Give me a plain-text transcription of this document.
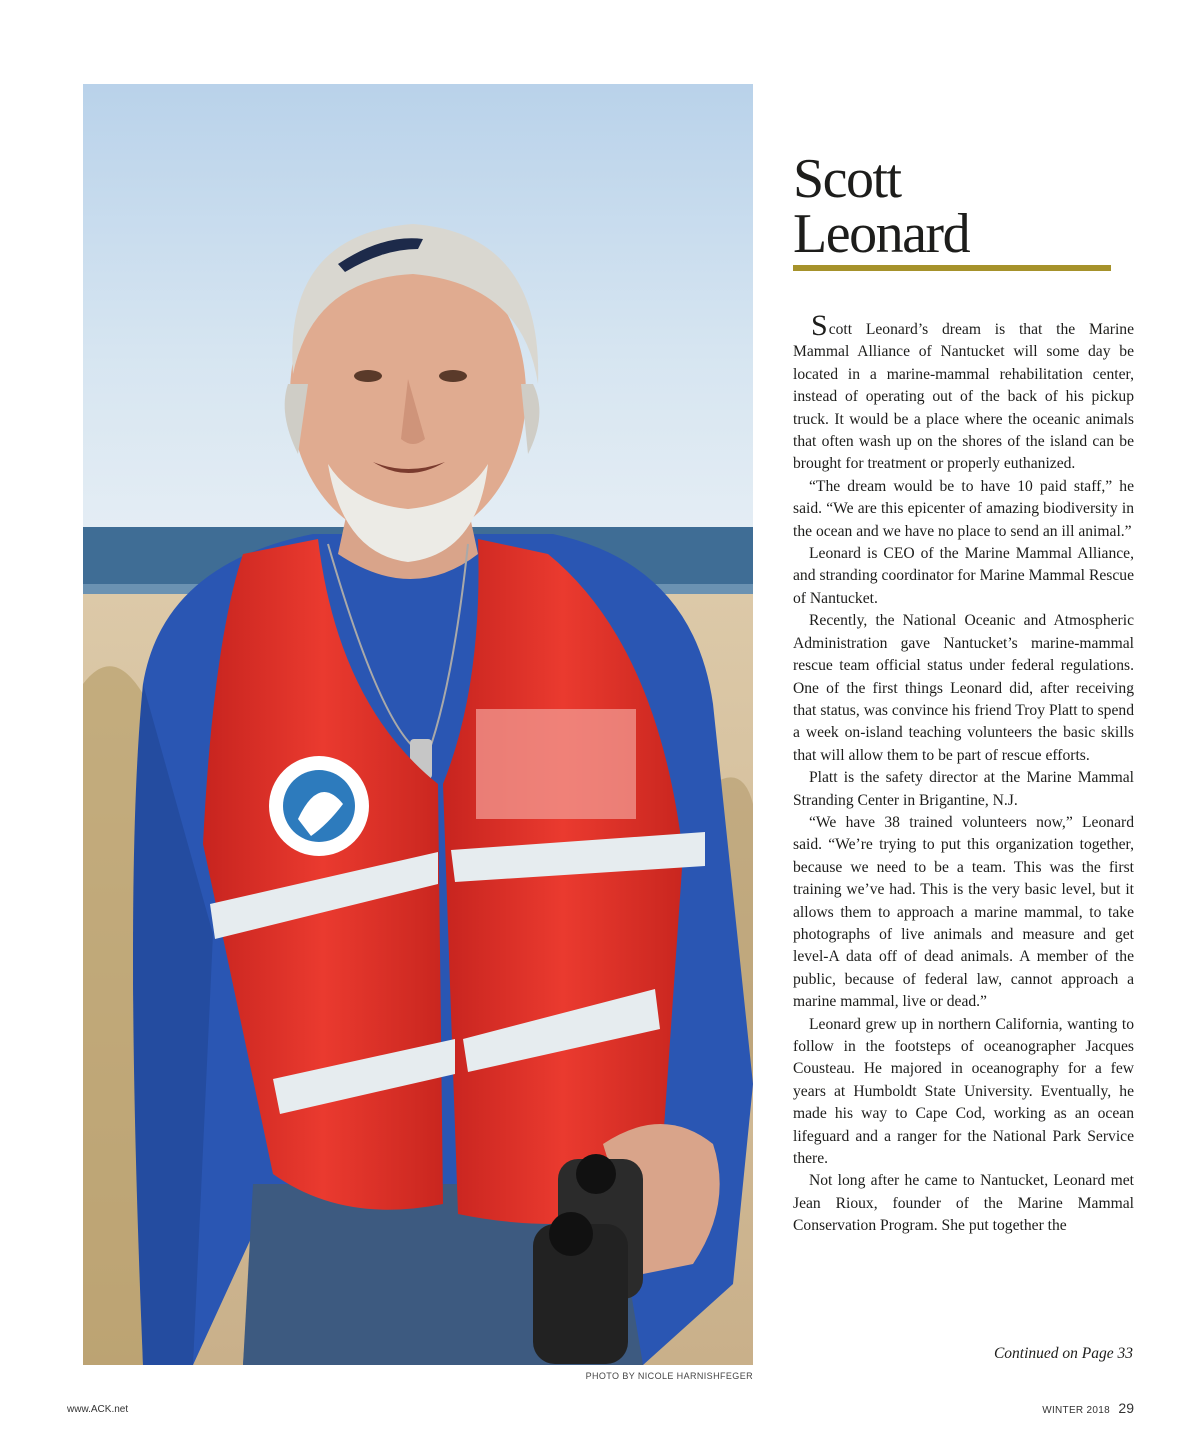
PHOTO BY NICOLE HARNISHFEGER
Scott
Leonard

Scott Leonard’s dream is that the Marine Mammal Alliance of Nantucket will some day be located in a marine-mammal rehabilitation center, instead of operating out of the back of his pickup truck. It would be a place where the oceanic animals that often wash up on the shores of the island can be brought for treatment or properly euthanized.

“The dream would be to have 10 paid staff,” he said. “We are this epicenter of amazing biodiversity in the ocean and we have no place to send an ill animal.”

Leonard is CEO of the Marine Mammal Alliance, and stranding coordinator for Marine Mammal Rescue of Nantucket.

Recently, the National Oceanic and Atmospheric Administration gave Nantucket’s marine-mammal rescue team official status under federal regulations. One of the first things Leonard did, after receiving that status, was convince his friend Troy Platt to spend a week on-island teaching volunteers the basic skills that will allow them to be part of rescue efforts.

Platt is the safety director at the Marine Mammal Stranding Center in Brigantine, N.J.

“We have 38 trained volunteers now,” Leonard said. “We’re trying to put this organization together, because we need to be a team. This was the first training we’ve had. This is the very basic level, but it allows them to approach a marine mammal, to take photographs of live animals and measure and get level-A data off of dead animals. A member of the public, because of federal law, cannot approach a marine mammal, live or dead.”

Leonard grew up in northern California, wanting to follow in the footsteps of oceanographer Jacques Cousteau. He majored in oceanography for a few years at Humboldt State University. Eventually, he made his way to Cape Cod, working as an ocean lifeguard and a ranger for the National Park Service there.

Not long after he came to Nantucket, Leonard met Jean Rioux, founder of the Marine Mammal Conservation Program. She put together the

Continued on Page 33
www.ACK.net	WINTER 2018 29
